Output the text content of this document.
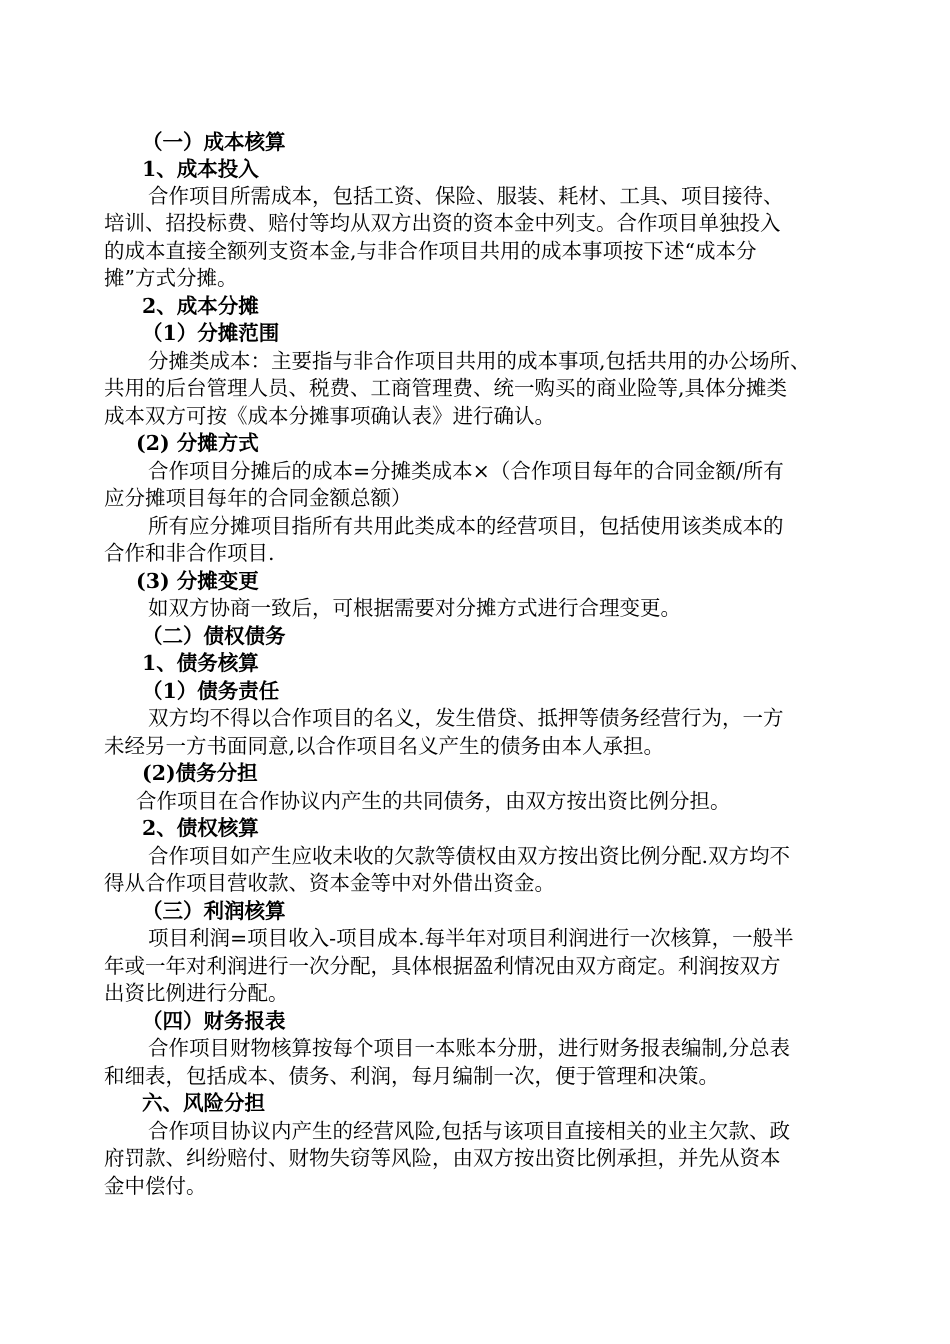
（一）成本核算

1、成本投入

合作项目所需成本，包括工资、保险、服装、耗材、工具、项目接待、

培训、招投标费、赔付等均从双方出资的资本金中列支。合作项目单独投入

的成本直接全额列支资本金,与非合作项目共用的成本事项按下述“成本分

摊”方式分摊。

2、成本分摊

（1）分摊范围

分摊类成本：主要指与非合作项目共用的成本事项,包括共用的办公场所、

共用的后台管理人员、税费、工商管理费、统一购买的商业险等,具体分摊类

成本双方可按《成本分摊事项确认表》进行确认。

(2) 分摊方式

合作项目分摊后的成本=分摊类成本×（合作项目每年的合同金额/所有

应分摊项目每年的合同金额总额）

所有应分摊项目指所有共用此类成本的经营项目，包括使用该类成本的

合作和非合作项目.

(3) 分摊变更

如双方协商一致后，可根据需要对分摊方式进行合理变更。

（二）债权债务

1、债务核算

（1）债务责任

双方均不得以合作项目的名义，发生借贷、抵押等债务经营行为，一方

未经另一方书面同意,以合作项目名义产生的债务由本人承担。

(2)债务分担

合作项目在合作协议内产生的共同债务，由双方按出资比例分担。

2、债权核算

合作项目如产生应收未收的欠款等债权由双方按出资比例分配.双方均不

得从合作项目营收款、资本金等中对外借出资金。

（三）利润核算

项目利润=项目收入-项目成本.每半年对项目利润进行一次核算，一般半

年或一年对利润进行一次分配，具体根据盈利情况由双方商定。利润按双方

出资比例进行分配。

（四）财务报表

合作项目财物核算按每个项目一本账本分册，进行财务报表编制,分总表

和细表，包括成本、债务、利润，每月编制一次，便于管理和决策。

六、风险分担

合作项目协议内产生的经营风险,包括与该项目直接相关的业主欠款、政

府罚款、纠纷赔付、财物失窃等风险，由双方按出资比例承担，并先从资本

金中偿付。
